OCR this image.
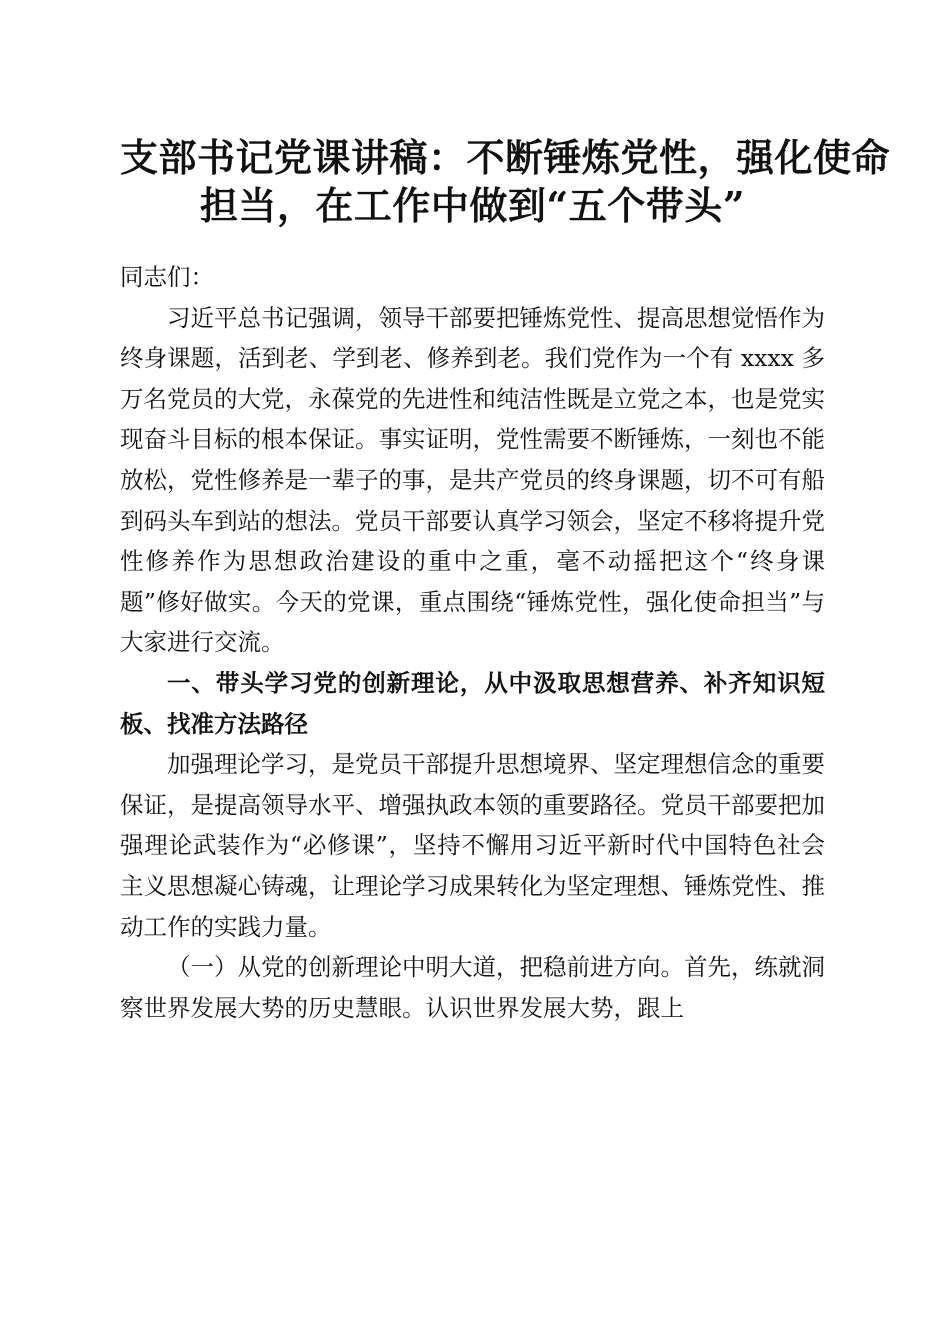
支部书记党课讲稿：不断锤炼党性，强化使命
担当，在工作中做到“五个带头”

同志们：

习近平总书记强调，领导干部要把锤炼党性、提高思想觉悟作为终身课题，活到老、学到老、修养到老。我们党作为一个有 xxxx 多万名党员的大党，永葆党的先进性和纯洁性既是立党之本，也是党实现奋斗目标的根本保证。事实证明，党性需要不断锤炼，一刻也不能放松，党性修养是一辈子的事，是共产党员的终身课题，切不可有船到码头车到站的想法。党员干部要认真学习领会，坚定不移将提升党性修养作为思想政治建设的重中之重，毫不动摇把这个“终身课题”修好做实。今天的党课，重点围绕“锤炼党性，强化使命担当”与大家进行交流。

一、带头学习党的创新理论，从中汲取思想营养、补齐知识短板、找准方法路径

加强理论学习，是党员干部提升思想境界、坚定理想信念的重要保证，是提高领导水平、增强执政本领的重要路径。党员干部要把加强理论武装作为“必修课”，坚持不懈用习近平新时代中国特色社会主义思想凝心铸魂，让理论学习成果转化为坚定理想、锤炼党性、推动工作的实践力量。

（一）从党的创新理论中明大道，把稳前进方向。首先，练就洞察世界发展大势的历史慧眼。认识世界发展大势，跟上
